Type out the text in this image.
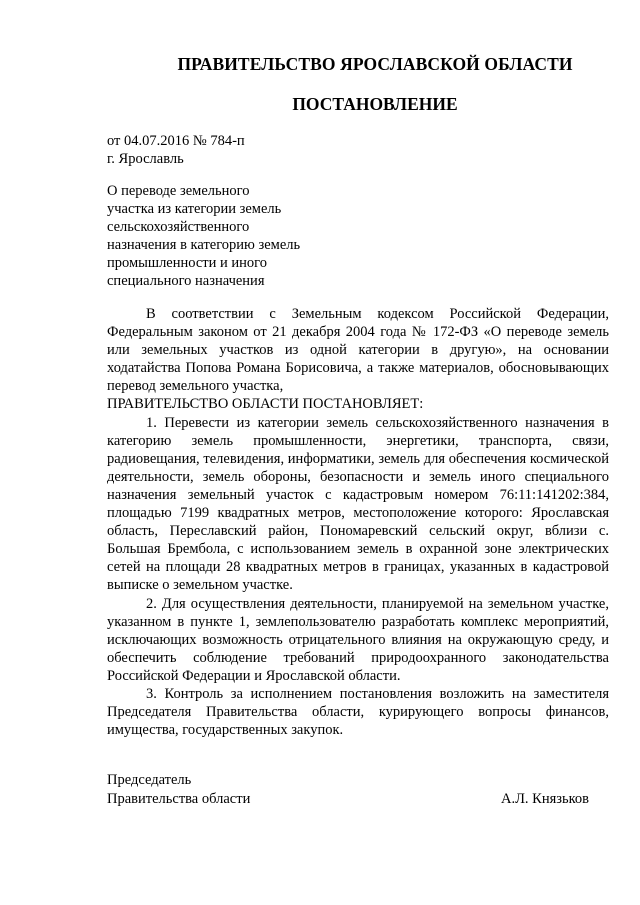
ПРАВИТЕЛЬСТВО ЯРОСЛАВСКОЙ ОБЛАСТИ
ПОСТАНОВЛЕНИЕ
от 04.07.2016 № 784-п
г. Ярославль
О переводе земельного
участка из категории земель
сельскохозяйственного
назначения в категорию земель
промышленности и иного
специального назначения

В соответствии с Земельным кодексом Российской Федерации, Федеральным законом от 21 декабря 2004 года № 172-ФЗ «О переводе земель или земельных участков из одной категории в другую», на основании ходатайства Попова Романа Борисовича, а также материалов, обосновывающих перевод земельного участка,

ПРАВИТЕЛЬСТВО ОБЛАСТИ ПОСТАНОВЛЯЕТ:

1. Перевести из категории земель сельскохозяйственного назначения в категорию земель промышленности, энергетики, транспорта, связи, радиовещания, телевидения, информатики, земель для обеспечения космической деятельности, земель обороны, безопасности и земель иного специального назначения земельный участок с кадастровым номером 76:11:141202:384, площадью 7199 квадратных метров, местоположение которого: Ярославская область, Переславский район, Пономаревский сельский округ, вблизи с. Большая Брембола, с использованием земель в охранной зоне электрических сетей на площади 28 квадратных метров в границах, указанных в кадастровой выписке о земельном участке.

2. Для осуществления деятельности, планируемой на земельном участке, указанном в пункте 1, землепользователю разработать комплекс мероприятий, исключающих возможность отрицательного влияния на окружающую среду, и обеспечить соблюдение требований природоохранного законодательства Российской Федерации и Ярославской области.

3. Контроль за исполнением постановления возложить на заместителя Председателя Правительства области, курирующего вопросы финансов, имущества, государственных закупок.

Председатель
Правительства области	А.Л. Князьков
